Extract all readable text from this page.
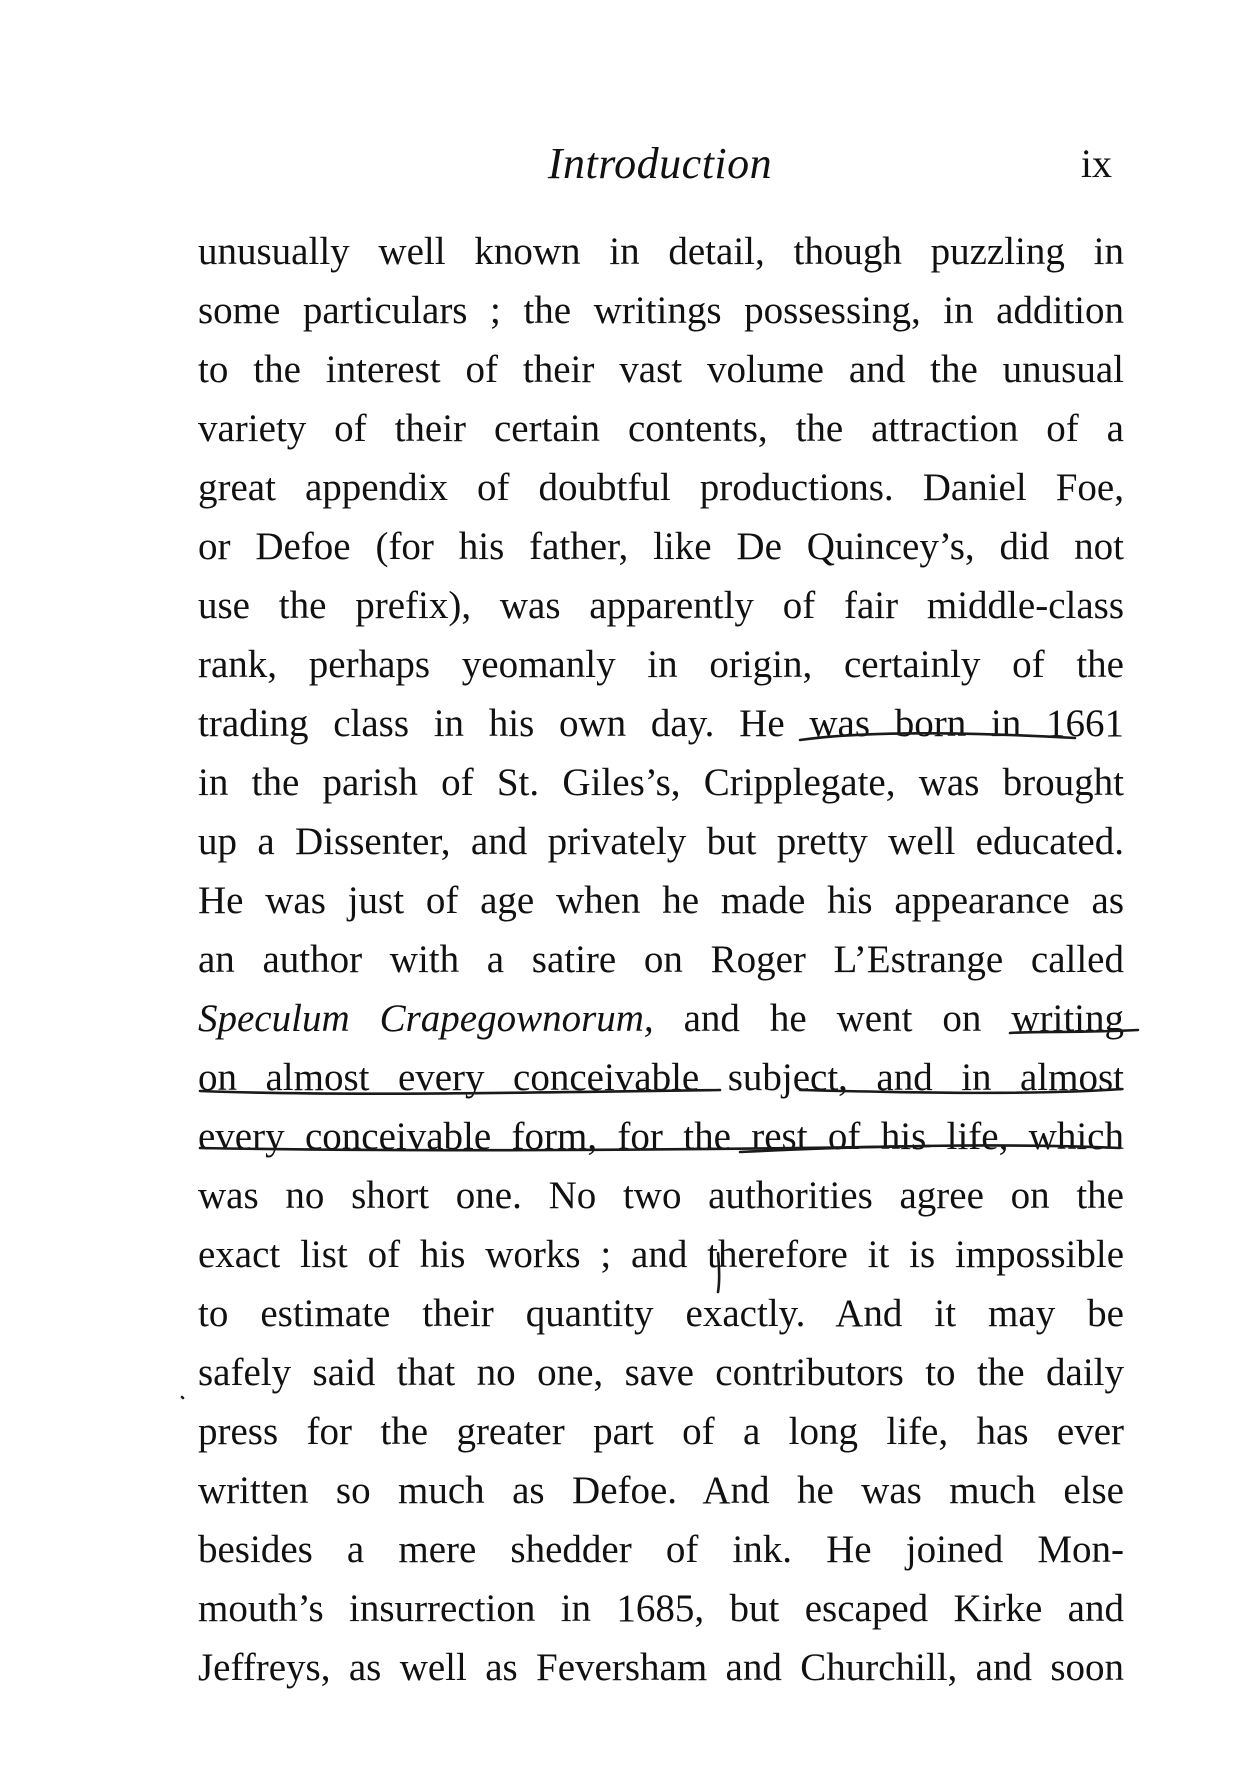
Introduction	ix
unusually well known in detail, though puzzling in
some particulars ; the writings possessing, in addition
to the interest of their vast volume and the unusual
variety of their certain contents, the attraction of a
great appendix of doubtful productions. Daniel Foe,
or Defoe (for his father, like De Quincey’s, did not
use the prefix), was apparently of fair middle-class
rank, perhaps yeomanly in origin, certainly of the
trading class in his own day. He was born in 1661
in the parish of St. Giles’s, Cripplegate, was brought
up a Dissenter, and privately but pretty well educated.
He was just of age when he made his appearance as
an author with a satire on Roger L’Estrange called
Speculum Crapegownorum, and he went on writing
on almost every conceivable subject, and in almost
every conceivable form, for the rest of his life, which
was no short one. No two authorities agree on the
exact list of his works ; and therefore it is impossible
to estimate their quantity exactly. And it may be
safely said that no one, save contributors to the daily
press for the greater part of a long life, has ever
written so much as Defoe. And he was much else
besides a mere shedder of ink. He joined Mon-
mouth’s insurrection in 1685, but escaped Kirke and
Jeffreys, as well as Feversham and Churchill, and soon
